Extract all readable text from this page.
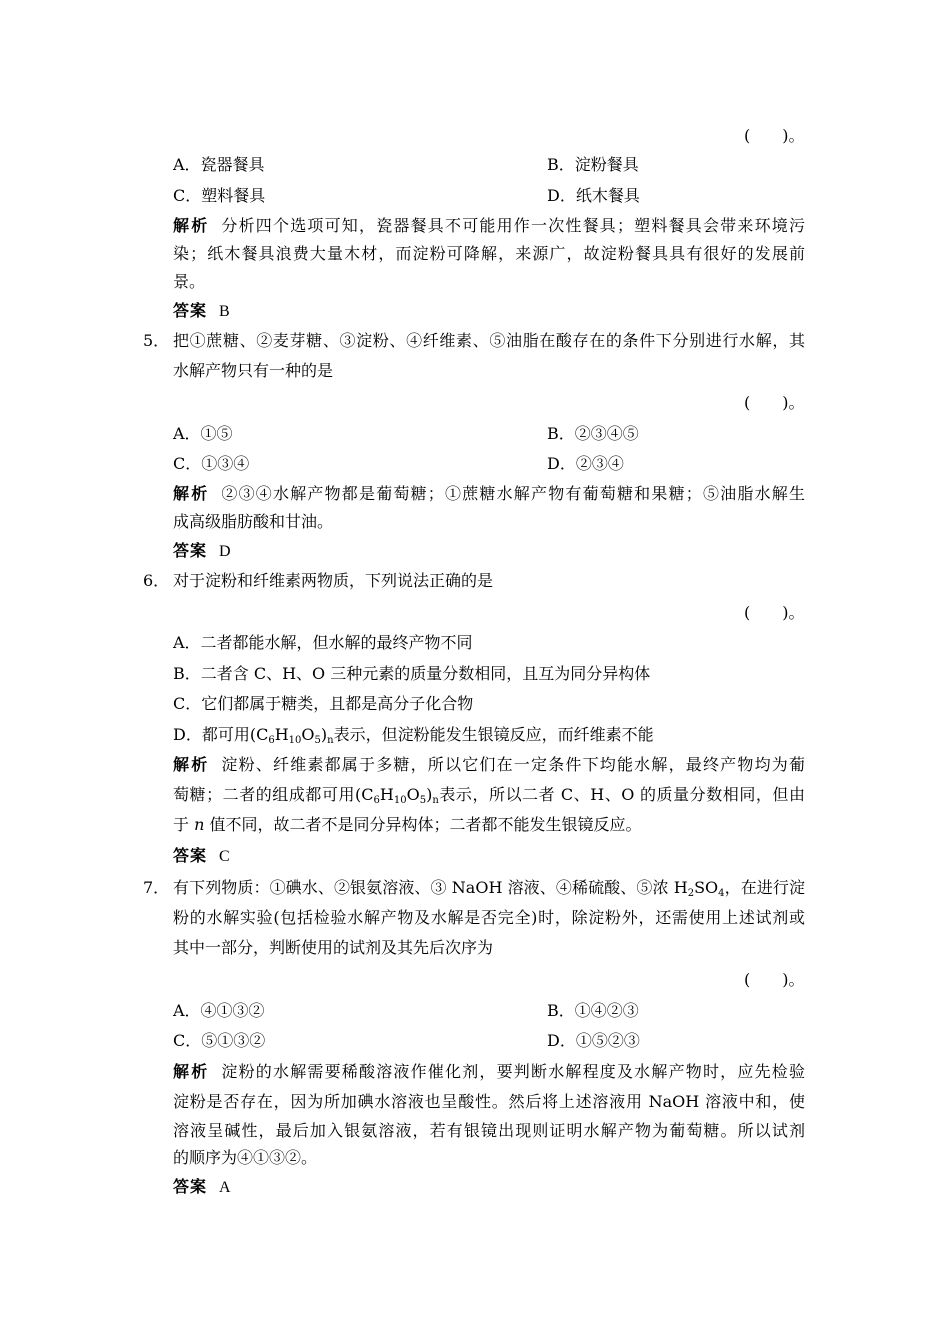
(　　)。
A．瓷器餐具	B．淀粉餐具
C．塑料餐具	D．纸木餐具
解析 分析四个选项可知，瓷器餐具不可能用作一次性餐具；塑料餐具会带来环境污
染；纸木餐具浪费大量木材，而淀粉可降解，来源广，故淀粉餐具具有很好的发展前
景。
答案 B
5． 把①蔗糖、②麦芽糖、③淀粉、④纤维素、⑤油脂在酸存在的条件下分别进行水解，其
水解产物只有一种的是
(　　)。
A．①⑤	B．②③④⑤
C．①③④	D．②③④
解析 ②③④水解产物都是葡萄糖；①蔗糖水解产物有葡萄糖和果糖；⑤油脂水解生
成高级脂肪酸和甘油。
答案 D
6． 对于淀粉和纤维素两物质，下列说法正确的是
(　　)。
A．二者都能水解，但水解的最终产物不同
B．二者含 C、H、O 三种元素的质量分数相同，且互为同分异构体
C．它们都属于糖类，且都是高分子化合物
D．都可用$(C_6H_{10}O_5)_n$表示，但淀粉能发生银镜反应，而纤维素不能
解析 淀粉、纤维素都属于多糖，所以它们在一定条件下均能水解，最终产物均为葡
萄糖；二者的组成都可用$(C_6H_{10}O_5)_n$表示，所以二者 C、H、O 的质量分数相同，但由
于 n 值不同，故二者不是同分异构体；二者都不能发生银镜反应。
答案 C
7． 有下列物质：①碘水、②银氨溶液、③ NaOH 溶液、④稀硫酸、⑤浓 $H_2SO_4$，在进行淀
粉的水解实验(包括检验水解产物及水解是否完全)时，除淀粉外，还需使用上述试剂或
其中一部分，判断使用的试剂及其先后次序为
(　　)。
A．④①③②	B．①④②③
C．⑤①③②	D．①⑤②③
解析 淀粉的水解需要稀酸溶液作催化剂，要判断水解程度及水解产物时，应先检验
淀粉是否存在，因为所加碘水溶液也呈酸性。然后将上述溶液用 NaOH 溶液中和，使
溶液呈碱性，最后加入银氨溶液，若有银镜出现则证明水解产物为葡萄糖。所以试剂
的顺序为④①③②。
答案 A
